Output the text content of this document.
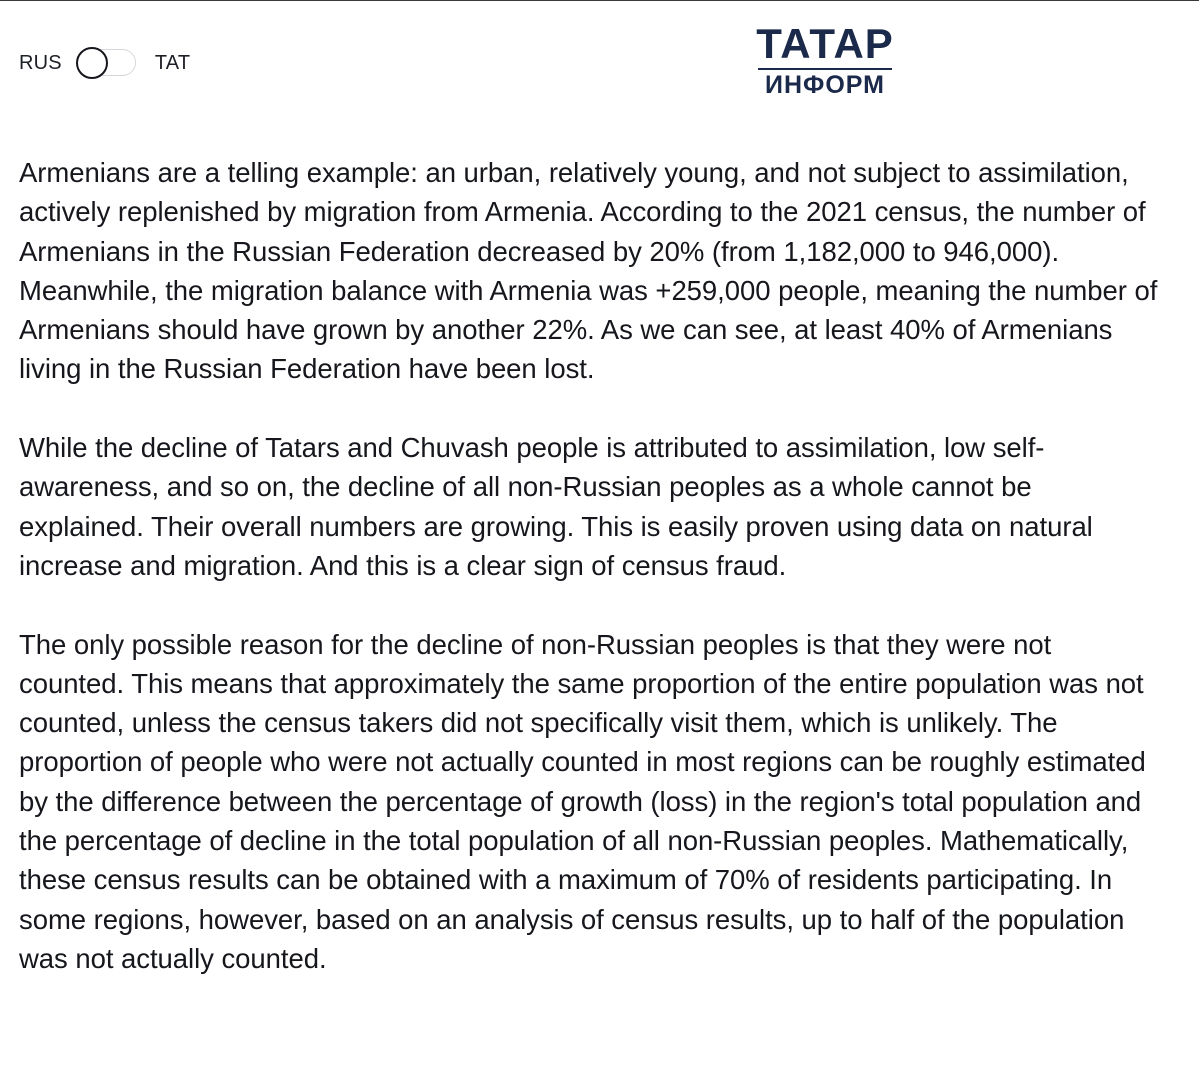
RUS	TAT	ТАТАР
ИНФОРМ

Armenians are a telling example: an urban, relatively young, and not subject to assimilation, actively replenished by migration from Armenia. According to the 2021 census, the number of Armenians in the Russian Federation decreased by 20% (from 1,182,000 to 946,000). Meanwhile, the migration balance with Armenia was +259,000 people, meaning the number of Armenians should have grown by another 22%. As we can see, at least 40% of Armenians living in the Russian Federation have been lost.

While the decline of Tatars and Chuvash people is attributed to assimilation, low self-awareness, and so on, the decline of all non-Russian peoples as a whole cannot be explained. Their overall numbers are growing. This is easily proven using data on natural increase and migration. And this is a clear sign of census fraud.

The only possible reason for the decline of non-Russian peoples is that they were not counted. This means that approximately the same proportion of the entire population was not counted, unless the census takers did not specifically visit them, which is unlikely. The proportion of people who were not actually counted in most regions can be roughly estimated by the difference between the percentage of growth (loss) in the region's total population and the percentage of decline in the total population of all non-Russian peoples. Mathematically, these census results can be obtained with a maximum of 70% of residents participating. In some regions, however, based on an analysis of census results, up to half of the population was not actually counted.
